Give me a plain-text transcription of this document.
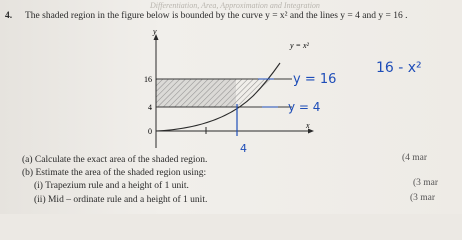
Differentiation, Area, Approximation and Integration
4. The shaded region in the figure below is bounded by the curve y = x² and the lines y = 4 and y = 16 .
y
x
16
4
0
y = x²
y = 16
y = 4
16 - x²
4
(a) Calculate the exact area of the shaded region.	(4 mar
(b) Estimate the area of the shaded region using:
(i) Trapezium rule and a height of 1 unit.	(3 mar
(ii) Mid – ordinate rule and a height of 1 unit.	(3 mar
